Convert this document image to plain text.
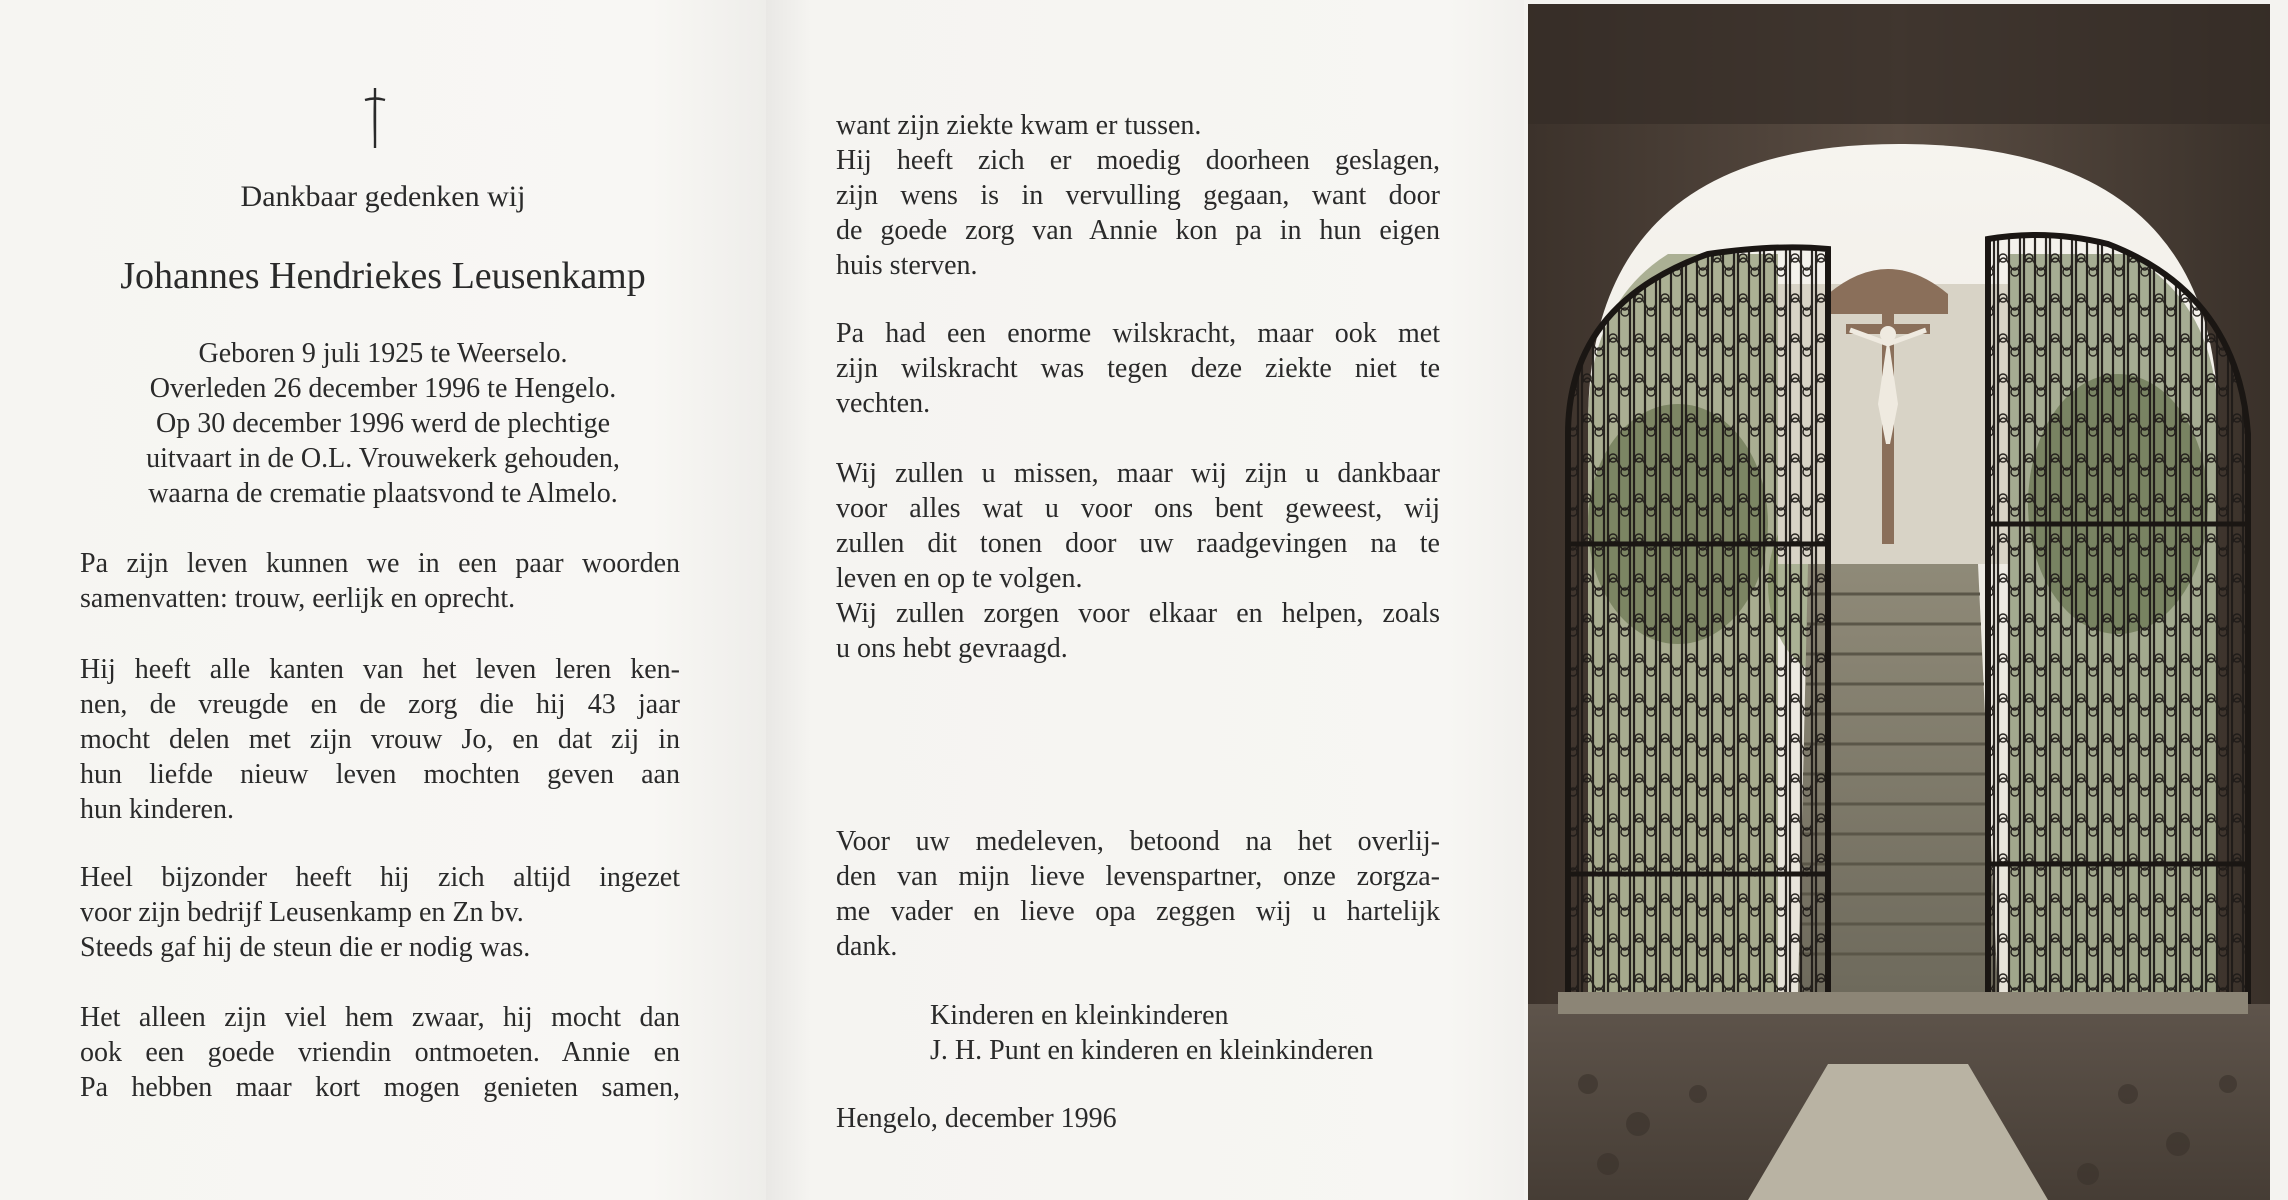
Dankbaar gedenken wij
Johannes Hendriekes Leusenkamp
Geboren 9 juli 1925 te Weerselo.
Overleden 26 december 1996 te Hengelo.
Op 30 december 1996 werd de plechtige
uitvaart in de O.L. Vrouwekerk gehouden,
waarna de crematie plaatsvond te Almelo.
Pa zijn leven kunnen we in een paar woorden
samenvatten: trouw, eerlijk en oprecht.
Hij heeft alle kanten van het leven leren ken-
nen, de vreugde en de zorg die hij 43 jaar
mocht delen met zijn vrouw Jo, en dat zij in
hun liefde nieuw leven mochten geven aan
hun kinderen.
Heel bijzonder heeft hij zich altijd ingezet
voor zijn bedrijf Leusenkamp en Zn bv.
Steeds gaf hij de steun die er nodig was.
Het alleen zijn viel hem zwaar, hij mocht dan
ook een goede vriendin ontmoeten. Annie en
Pa hebben maar kort mogen genieten samen,
want zijn ziekte kwam er tussen.
Hij heeft zich er moedig doorheen geslagen,
zijn wens is in vervulling gegaan, want door
de goede zorg van Annie kon pa in hun eigen
huis sterven.
Pa had een enorme wilskracht, maar ook met
zijn wilskracht was tegen deze ziekte niet te
vechten.
Wij zullen u missen, maar wij zijn u dankbaar
voor alles wat u voor ons bent geweest, wij
zullen dit tonen door uw raadgevingen na te
leven en op te volgen.
Wij zullen zorgen voor elkaar en helpen, zoals
u ons hebt gevraagd.
Voor uw medeleven, betoond na het overlij-
den van mijn lieve levenspartner, onze zorgza-
me vader en lieve opa zeggen wij u hartelijk
dank.
Kinderen en kleinkinderen
J. H. Punt en kinderen en kleinkinderen
Hengelo, december 1996
